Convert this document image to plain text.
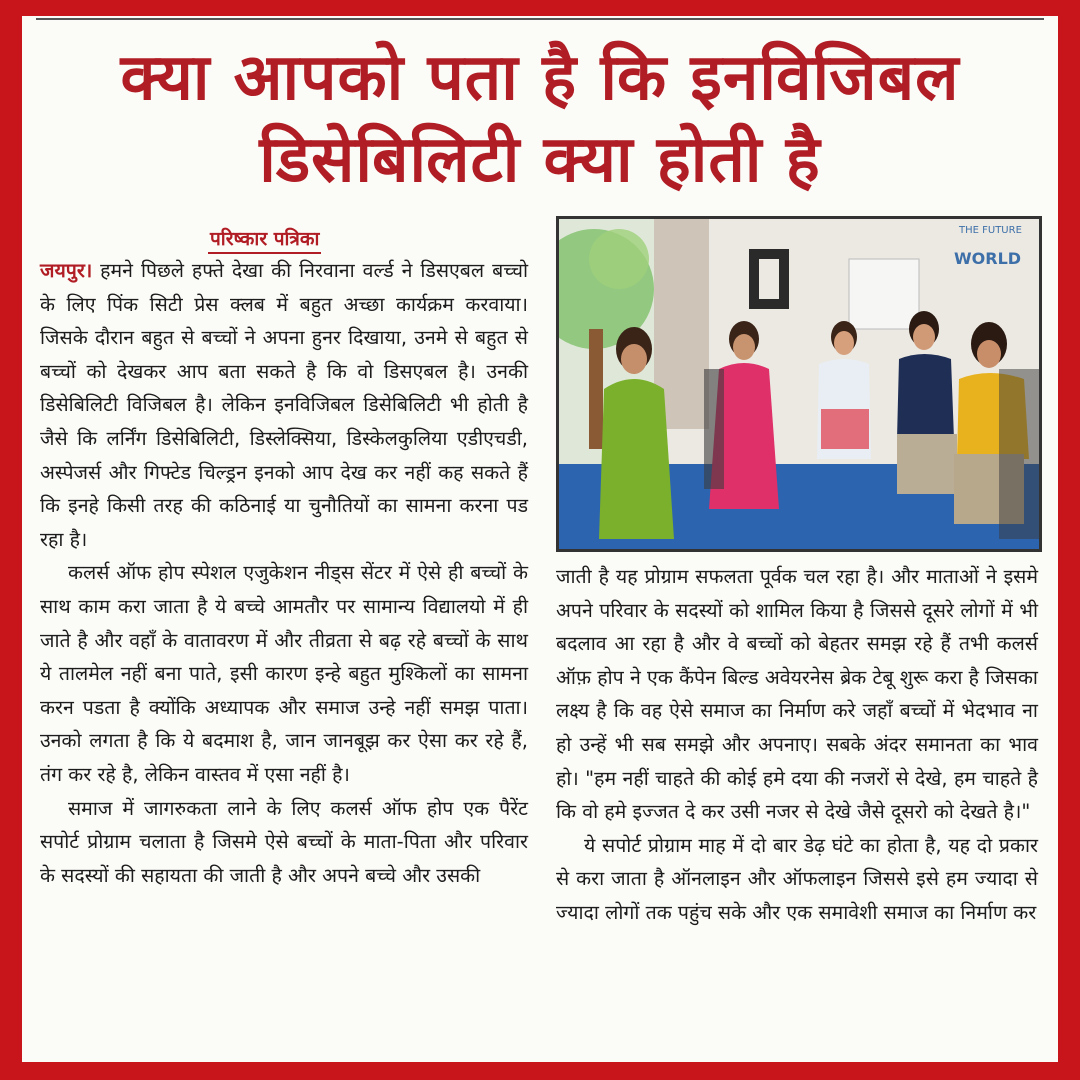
क्या आपको पता है कि इनविजिबल
डिसेबिलिटी क्या होती है
परिष्कार पत्रिका

जयपुर। हमने पिछले हफ्ते देखा की निरवाना वर्ल्ड ने डिसएबल बच्चो के लिए पिंक सिटी प्रेस क्लब में बहुत अच्छा कार्यक्रम करवाया। जिसके दौरान बहुत से बच्चों ने अपना हुनर दिखाया, उनमे से बहुत से बच्चों को देखकर आप बता सकते है कि वो डिसएबल है। उनकी डिसेबिलिटी विजिबल है। लेकिन इनविजिबल डिसेबिलिटी भी होती है जैसे कि लर्निंग डिसेबिलिटी, डिस्लेक्सिया, डिस्केलकुलिया एडीएचडी, अस्पेजर्स और गिफ्टेड चिल्ड्रन इनको आप देख कर नहीं कह सकते हैं कि इनहे किसी तरह की कठिनाई या चुनौतियों का सामना करना पड रहा है।

कलर्स ऑफ होप स्पेशल एजुकेशन नीड्स सेंटर में ऐसे ही बच्चों के साथ काम करा जाता है ये बच्चे आमतौर पर सामान्य विद्यालयो में ही जाते है और वहाँ के वातावरण में और तीव्रता से बढ़ रहे बच्चों के साथ ये तालमेल नहीं बना पाते, इसी कारण इन्हे बहुत मुश्किलों का सामना करन पडता है क्योंकि अध्यापक और समाज उन्हे नहीं समझ पाता। उनको लगता है कि ये बदमाश है, जान जानबूझ कर ऐसा कर रहे हैं, तंग कर रहे है, लेकिन वास्तव में एसा नहीं है।

समाज में जागरुकता लाने के लिए कलर्स ऑफ होप एक पैरेंट सपोर्ट प्रोग्राम चलाता है जिसमे ऐसे बच्चों के माता-पिता और परिवार के सदस्यों की सहायता की जाती है और अपने बच्चे और उसकी

WORLD
THE FUTURE

जाती है यह प्रोग्राम सफलता पूर्वक चल रहा है। और माताओं ने इसमे अपने परिवार के सदस्यों को शामिल किया है जिससे दूसरे लोगों में भी बदलाव आ रहा है और वे बच्चों को बेहतर समझ रहे हैं तभी कलर्स ऑफ़ होप ने एक कैंपेन बिल्ड अवेयरनेस ब्रेक टेबू शुरू करा है जिसका लक्ष्य है कि वह ऐसे समाज का निर्माण करे जहाँ बच्चों में भेदभाव ना हो उन्हें भी सब समझे और अपनाए। सबके अंदर समानता का भाव हो। "हम नहीं चाहते की कोई हमे दया की नजरों से देखे, हम चाहते है कि वो हमे इज्जत दे कर उसी नजर से देखे जैसे दूसरो को देखते है।"

ये सपोर्ट प्रोग्राम माह में दो बार डेढ़ घंटे का होता है, यह दो प्रकार से करा जाता है ऑनलाइन और ऑफलाइन जिससे इसे हम ज्यादा से ज्यादा लोगों तक पहुंच सके और एक समावेशी समाज का निर्माण कर
